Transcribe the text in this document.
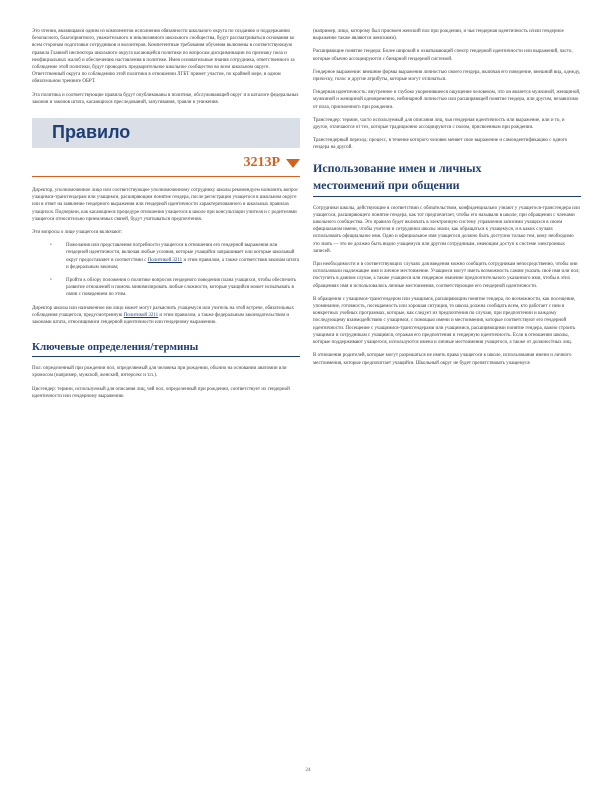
Это чтения, являющаяся одним из компонентов исполнения обязанности школьного округа по созданию и поддержанию безопасного, благоприятного, уважительного и инклюзивного школьного сообщества, будут рассматриваться основания ко всем сторонам подготовки сотрудников и волонтеров. Компетентные требования обучения включены в соответствующую правила Главной инспектора школьного округа касающейся политики по вопросам дискриминации по признаку пола и неофициальных жалоб и обеспечению наставления в политике. Имея основательные знания сотрудника, ответственного за соблюдение этой политики, будут проводить предварительное школьное сообщество во всем школьном округе. Ответственный округа по соблюдению этой политики в отношении ЛГБТ примет участие, по крайней мере, в одном обязательном тренинге ОБРТ.

Эта политика и соответствующие правила будут опубликованы в политике, обслуживающей округ и в каталоге федеральных законов и законов штата, касающихся преследований, запугивания, травли и унижения.

Правило
3213Р

Директор, уполномоченное лицо или соответствующее уполномоченному сотруднику школы рекомендуем назначить вопрос учащимся-трансгендерам или учащимся, расширяющим понятие гендера, после регистрации учащегося в школьном округе или в ответ на заявление гендерного выражения или гендерной идентичности характеризованного в школьных правилах учащихся. Подчеркни, как касающиеся процедуре отношения учащегося в школе при консультации учителя и с родителями учащегося относительно приемлемых связей, будут учитываться предпочтения.

Эти вопросы о лице учащегося включают:

•	Пожелания или представления потребности учащегося в отношении его гендерной выражения или гендерной идентичности, включая любые условия, которые учащийся запрашивает или которые школьный округ предоставляет в соответствии с Политикой 3211 и этим правилом, а также соответствия законам штата и федеральным законам;
•	Пройти к обзору положения о политике вопросов гендерного поведения плана учащихся, чтобы обеспечить развитие отношений и помочь минимизировать любые сложности, которые учащийся может испытывать в связи с поведением по этим.

Директор школы или назначенное им лицо может могут разъяснить учащемуся или учитель на этой встрече, обязательных соблюдения учащегося, предусмотренную Политикой 3211 и этим правилом, а также федеральным законодательством и законами штата, относящимися гендерной идентичности или гендерному выражению.

Ключевые определения/термины

Пол: определенный при рождении пол, определяемый для человека при рождении, обычно на основании анатомии или хромосом (например, мужской, женский, интерсекс и т.п.).

Цисгендер: термин, используемый для описания лиц, чей пол, определенный при рождении, соответствует их гендерной идентичности или гендерному выражению

(например, лицо, которому был присвоен женский пол при рождении, и чья гендерная идентичность и/или гендерное выражение также являются женскими).

Расширяющие понятие гендера: Более широкий и охватывающий спектр гендерной идентичности или выражений, часто, которые обычно ассоциируются с бинарной гендерной системой.

Гендерное выражение: внешние формы выражения личностью своего гендера, включая его поведение, внешний вид, одежду, прическу, голос и другие атрибуты, которые могут отличаться.

Гендерная идентичность: внутреннее и глубоко укоренившееся ощущение человеком, что он является мужчиной, женщиной, мужчиной и женщиной одновременно, небинарной личностью или расширяющей понятие гендера, или другим, независимо от пола, присвоенного при рождении.

Трансгендер: термин, часто используемый для описания лиц, чья гендерная идентичность или выражение, или и то, и другое, отличаются от тех, которые традиционно ассоциируются с полом, присвоенным при рождении.

Трансгендерный переход: процесс, в течение которого человек меняет свое выражение и самоидентификацию с одного гендера на другой.

Использование имен и личных
местоимений при общении

Сотрудники школы, действующие в соответствии с обязательством, конфиденциально узнают у учащегося-трансгендера или учащегося, расширяющего понятие гендера, как тот предпочитает, чтобы его называли в школе, при обращении с членами школьного сообщества. Это правило будет включать в электронную систему управления записями учащихся в своем официальном имени, чтобы учителя и сотрудники школы знали, как обращаться к учащемуся, и в каких случаях использовать официальное имя. Одно и официальное имя учащегося должно быть доступно только тем, кому необходимо это знать — это не должно быть видно учащемуся или другим сотрудникам, имеющим доступ к системе электронных записей.

При необходимости и в соответствующих случаях для введения можно сообщить сотрудникам непосредственно, чтобы они использовали надлежащее имя и личное местоимение. Учащиеся могут иметь возможность самим указать своё имя или пол; поступить в данном случае, а также учащиеся или гендерное значение предпочтительного указанного ими, чтобы в этих обращениях имя и использовались личные местоимения, соответствующие его гендерной идентичности.

В обращении с учащимся-трансгендером или учащимся, расширяющим понятие гендера, по возможности, как посещение, упоминание, готовность, посещаемость или хорошая ситуация, то школа должна сообщать всем, кто работает с ним в конкретных учебных программах, которые, как следует из предпочтения по случаю, при предпочтении и каждому последующему взаимодействию с учащимся, с помощью имени и местоимения, которые соответствуют его гендерной идентичности. Посещение с учащимися-трансгендерами или учащимися, расширяющими понятие гендера, важно строить учащимся и сотрудникам с учащимся, отражая его предпочтения и гендерную идентичность. Если в отношении школы, которые поддерживают учащегося, используются имена и личные местоимения учащегося, а также от должностных лиц.

В отношении родителей, которые могут разрешаться не иметь права учащегося к школе, использования имени и личного местоимения, которые предпочитает учащийся. Школьный округ не будет препятствовать учащемуся

24
